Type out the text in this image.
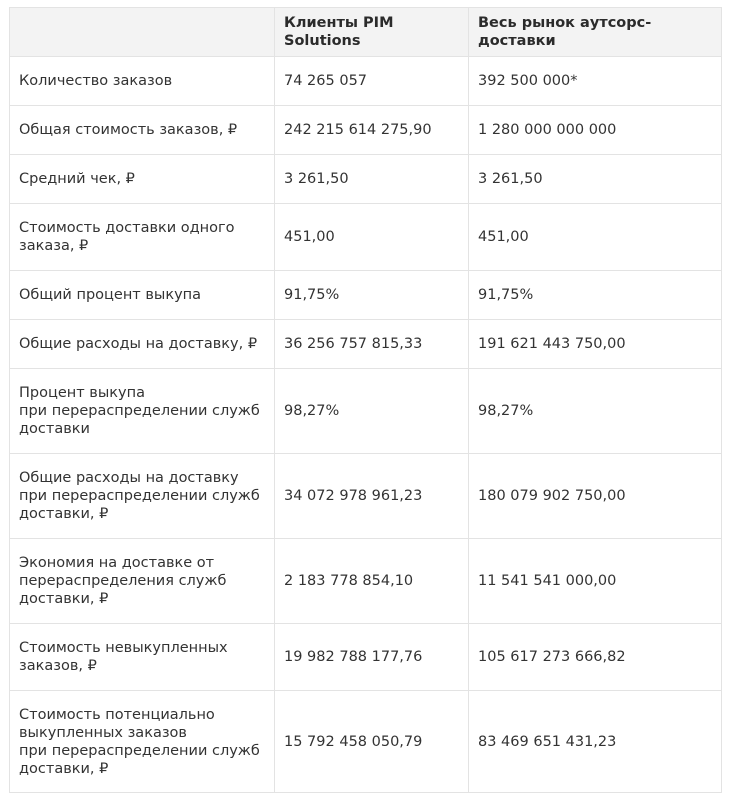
	Клиенты PIM Solutions	Весь рынок аутсорс-доставки
Количество заказов	74 265 057	392 500 000*
Общая стоимость заказов, ₽	242 215 614 275,90	1 280 000 000 000
Средний чек, ₽	3 261,50	3 261,50
Стоимость доставки одного
заказа, ₽	451,00	451,00
Общий процент выкупа	91,75%	91,75%
Общие расходы на доставку, ₽	36 256 757 815,33	191 621 443 750,00
Процент выкупа
при перераспределении служб
доставки	98,27%	98,27%
Общие расходы на доставку
при перераспределении служб
доставки, ₽	34 072 978 961,23	180 079 902 750,00
Экономия на доставке от
перераспределения служб
доставки, ₽	2 183 778 854,10	11 541 541 000,00
Стоимость невыкупленных
заказов, ₽	19 982 788 177,76	105 617 273 666,82
Стоимость потенциально
выкупленных заказов
при перераспределении служб
доставки, ₽	15 792 458 050,79	83 469 651 431,23
